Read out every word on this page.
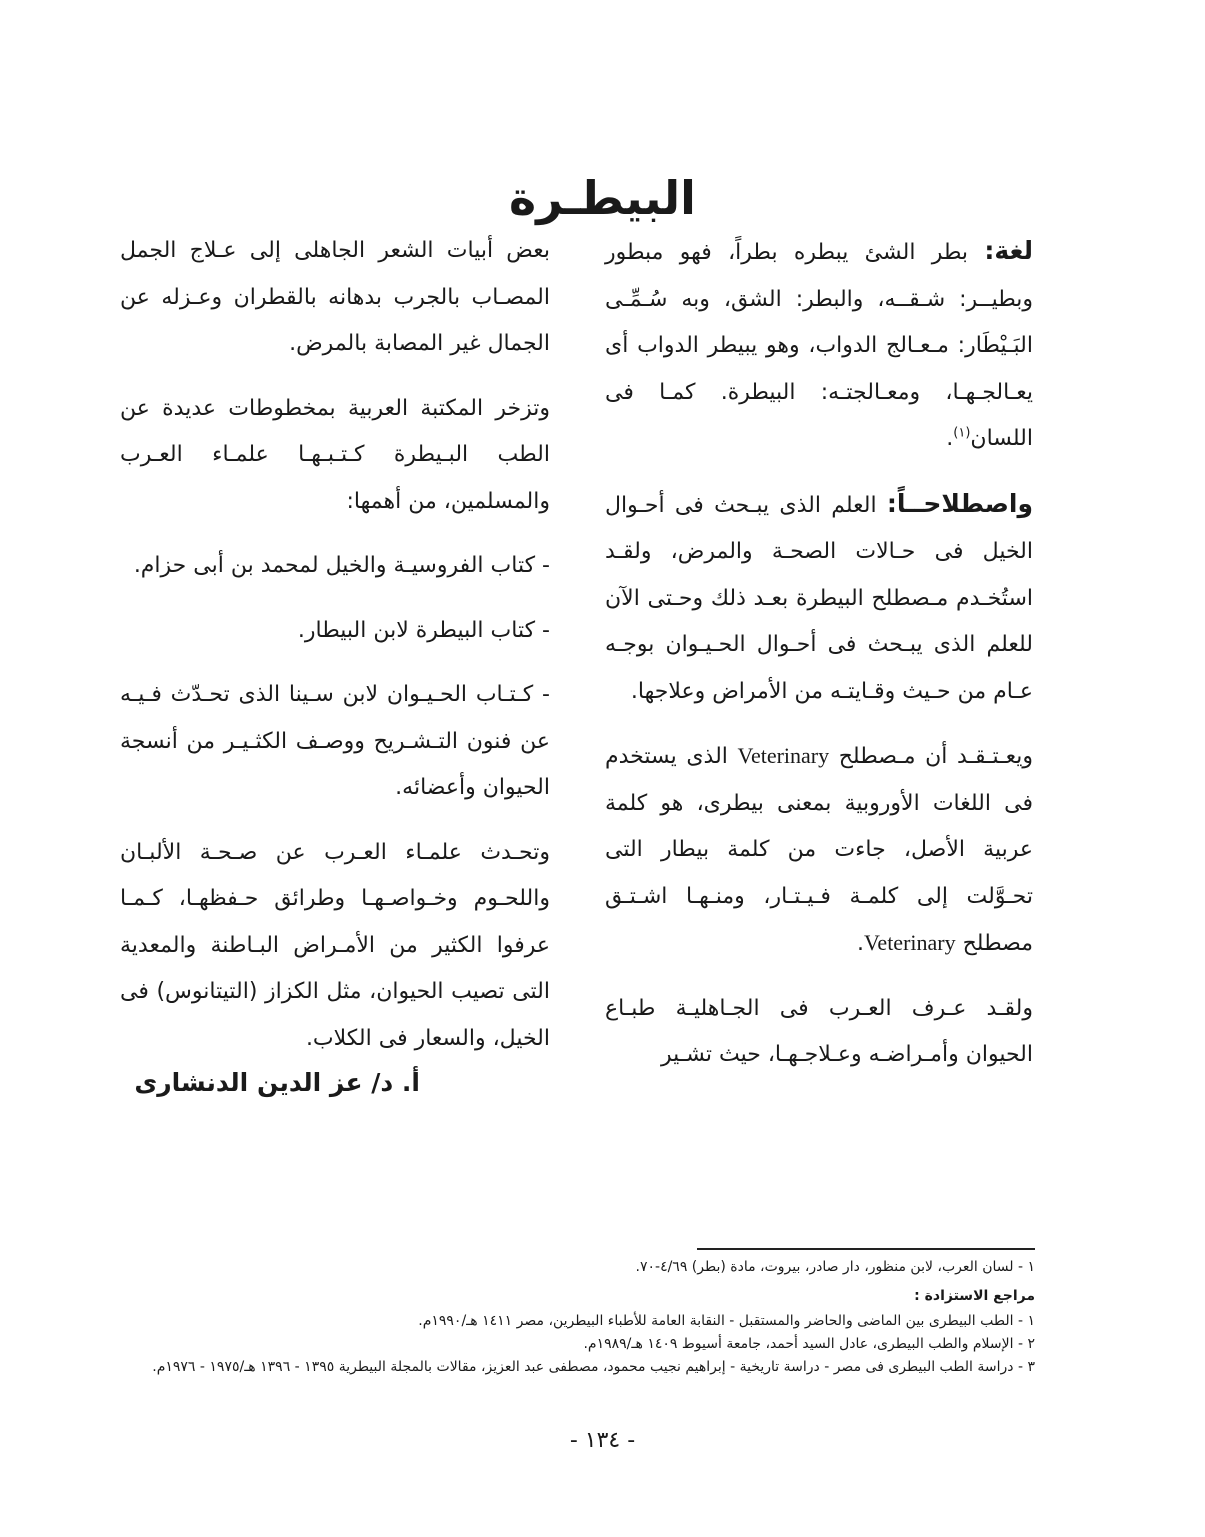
البيطـرة

لغة: بطر الشئ يبطره بطراً، فهو مبطور وبطيــر: شـقــه، والبطر: الشق، وبه سُـمِّـى البَـيْطَار: مـعـالج الدواب، وهو يبيطر الدواب أى يعـالجـهـا، ومعـالجتـه: البيطرة. كمـا فى اللسان$^{(١)}$.

واصطلاحــاً: العلم الذى يبـحث فى أحـوال الخيل فى حـالات الصحـة والمرض، ولقـد استُخـدم مـصطلح البيطرة بعـد ذلك وحـتى الآن للعلم الذى يبـحث فى أحـوال الحـيـوان بوجـه عـام من حـيث وقـايتـه من الأمراض وعلاجها.

ويعـتـقـد أن مـصطلح Veterinary الذى يستخدم فى اللغات الأوروبية بمعنى بيطرى، هو كلمة عربية الأصل، جاءت من كلمة بيطار التى تحـوَّلت إلى كلمـة فـيـتـار، ومنـهـا اشـتـق مصطلح Veterinary.

ولقـد عـرف العـرب فى الجـاهليـة طبـاع الحيوان وأمـراضـه وعـلاجـهـا، حيث تشـير

بعض أبيات الشعر الجاهلى إلى عـلاج الجمل المصـاب بالجرب بدهانه بالقطران وعـزله عن الجمال غير المصابة بالمرض.

وتزخر المكتبة العربية بمخطوطات عديدة عن الطب البـيطرة كـتـبـهـا علمـاء العـرب والمسلمين، من أهمها:

- كتاب الفروسيـة والخيل لمحمد بن أبى حزام.

- كتاب البيطرة لابن البيطار.

- كـتـاب الحـيـوان لابن سـينا الذى تحـدّث فـيـه عن فنون التـشـريح ووصـف الكثـيـر من أنسجة الحيوان وأعضائه.

وتحـدث علمـاء العـرب عن صـحـة الألبـان واللحـوم وخـواصـهـا وطرائق حـفظهـا، كـمـا عرفوا الكثير من الأمـراض البـاطنة والمعدية التى تصيب الحيوان، مثل الكزاز (التيتانوس) فى الخيل، والسعار فى الكلاب.

أ. د/ عز الدين الدنشارى

١ - لسان العرب، لابن منظور، دار صادر، بيروت، مادة (بطر) ٤/٦٩-٧٠.

مراجع الاستزادة :

١ - الطب البيطرى بين الماضى والحاضر والمستقبل - النقابة العامة للأطباء البيطرين، مصر ١٤١١ هـ/١٩٩٠م.

٢ - الإسلام والطب البيطرى، عادل السيد أحمد، جامعة أسيوط ١٤٠٩ هـ/١٩٨٩م.

٣ - دراسة الطب البيطرى فى مصر - دراسة تاريخية - إبراهيم نجيب محمود، مصطفى عبد العزيز، مقالات بالمجلة البيطرية ١٣٩٥ - ١٣٩٦ هـ/١٩٧٥ - ١٩٧٦م.

- ١٣٤ -
